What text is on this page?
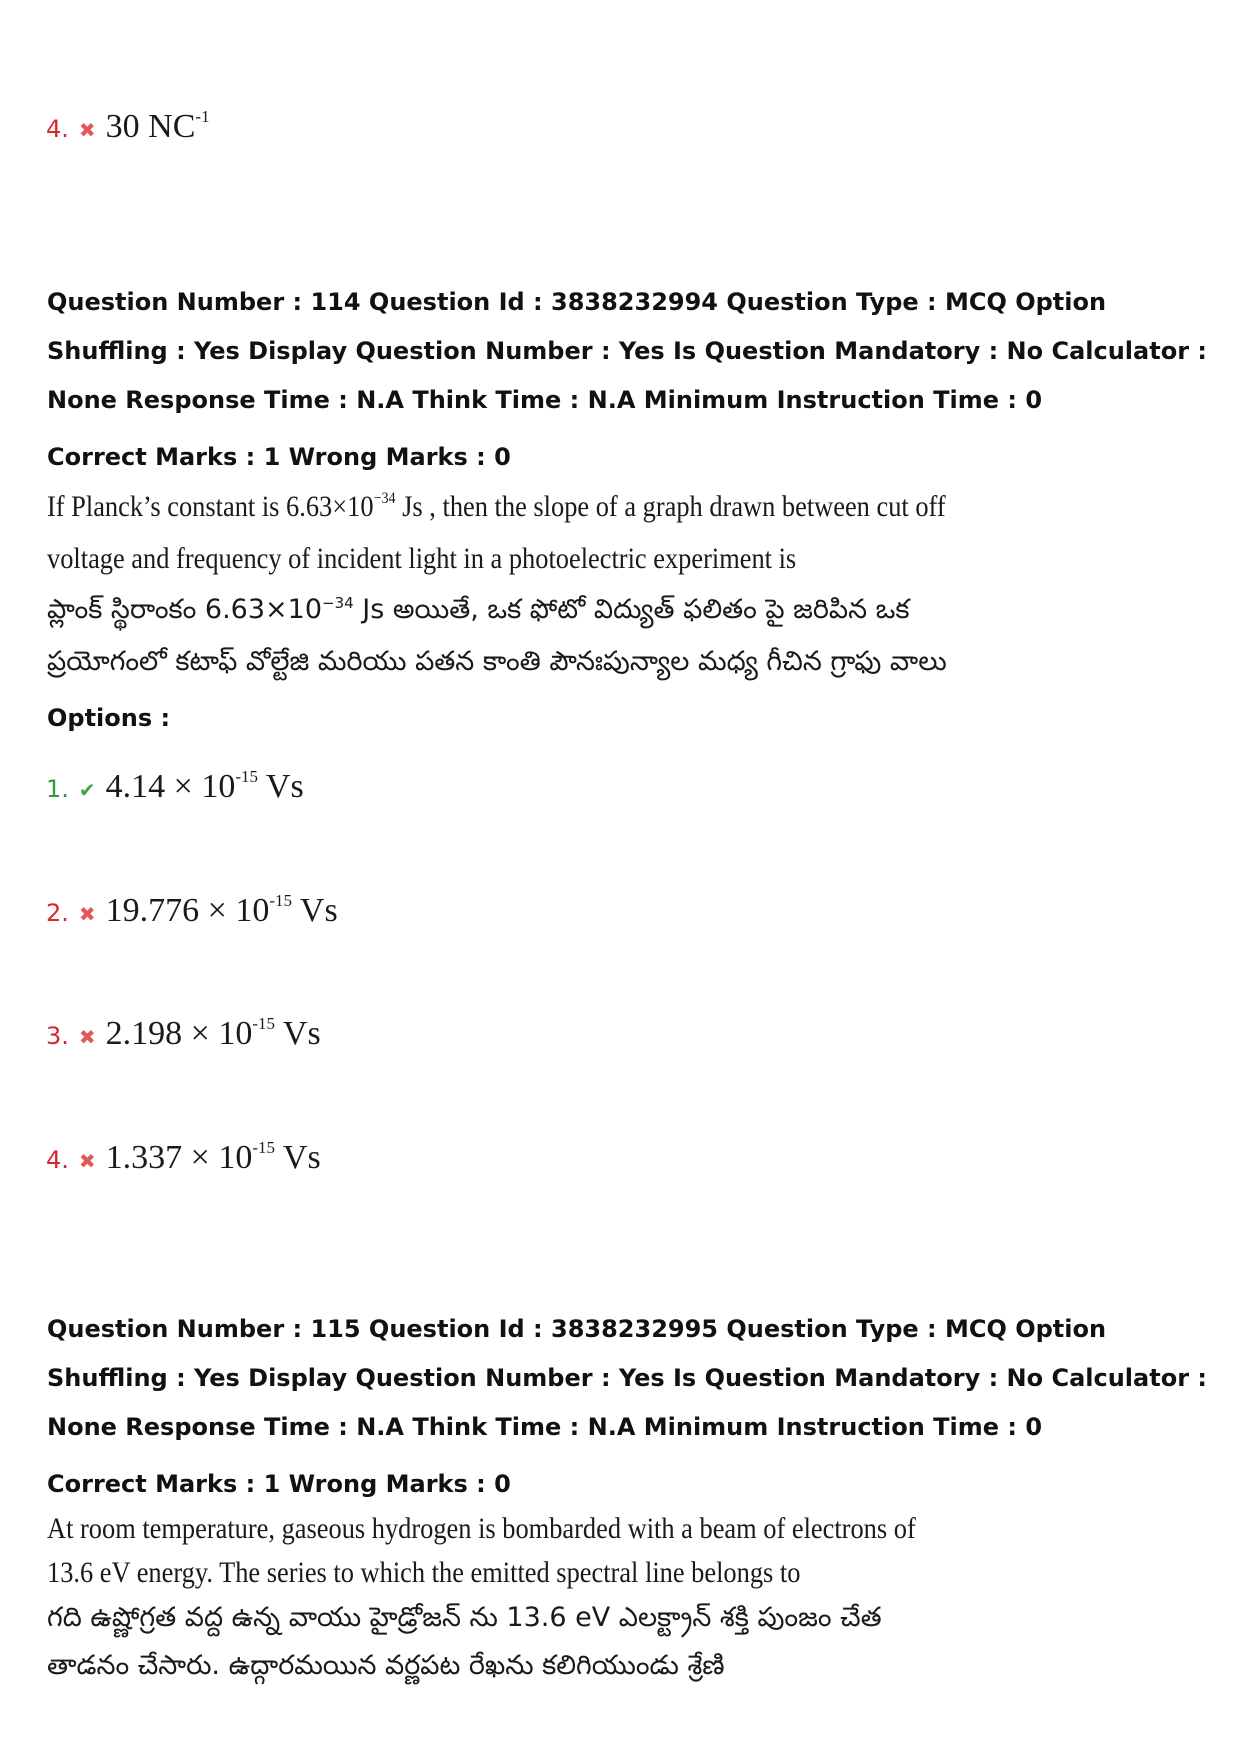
4. ✖ 30 $NC^{-1}$
Question Number : 114 Question Id : 3838232994 Question Type : MCQ Option Shuffling : Yes Display Question Number : Yes Is Question Mandatory : No Calculator : None Response Time : N.A Think Time : N.A Minimum Instruction Time : 0
Correct Marks : 1 Wrong Marks : 0
If Planck’s constant is $6.63\times 10^{-34}$ Js , then the slope of a graph drawn between cut off
voltage and frequency of incident light in a photoelectric experiment is
ప్లాంక్ స్థిరాంకం $6.63\times 10^{-34}$ Js అయితే, ఒక ఫోటో విద్యుత్ ఫలితం పై జరిపిన ఒక
ప్రయోగంలో కటాఫ్ వోల్టేజి మరియు పతన కాంతి పౌనఃపున్యాల మధ్య గీచిన గ్రాఫు వాలు
Options :
1. ✔ $4.14 \times 10^{-15}$ Vs
2. ✖ $19.776 \times 10^{-15}$ Vs
3. ✖ $2.198 \times 10^{-15}$ Vs
4. ✖ $1.337 \times 10^{-15}$ Vs
Question Number : 115 Question Id : 3838232995 Question Type : MCQ Option Shuffling : Yes Display Question Number : Yes Is Question Mandatory : No Calculator : None Response Time : N.A Think Time : N.A Minimum Instruction Time : 0
Correct Marks : 1 Wrong Marks : 0
At room temperature, gaseous hydrogen is bombarded with a beam of electrons of
13.6 eV energy. The series to which the emitted spectral line belongs to
గది ఉష్ణోగ్రత వద్ద ఉన్న వాయు హైడ్రోజన్ ను 13.6 eV ఎలక్ట్రాన్ శక్తి పుంజం చేత
తాడనం చేసారు. ఉద్గారమయిన వర్ణపట రేఖను కలిగియుండు శ్రేణి
